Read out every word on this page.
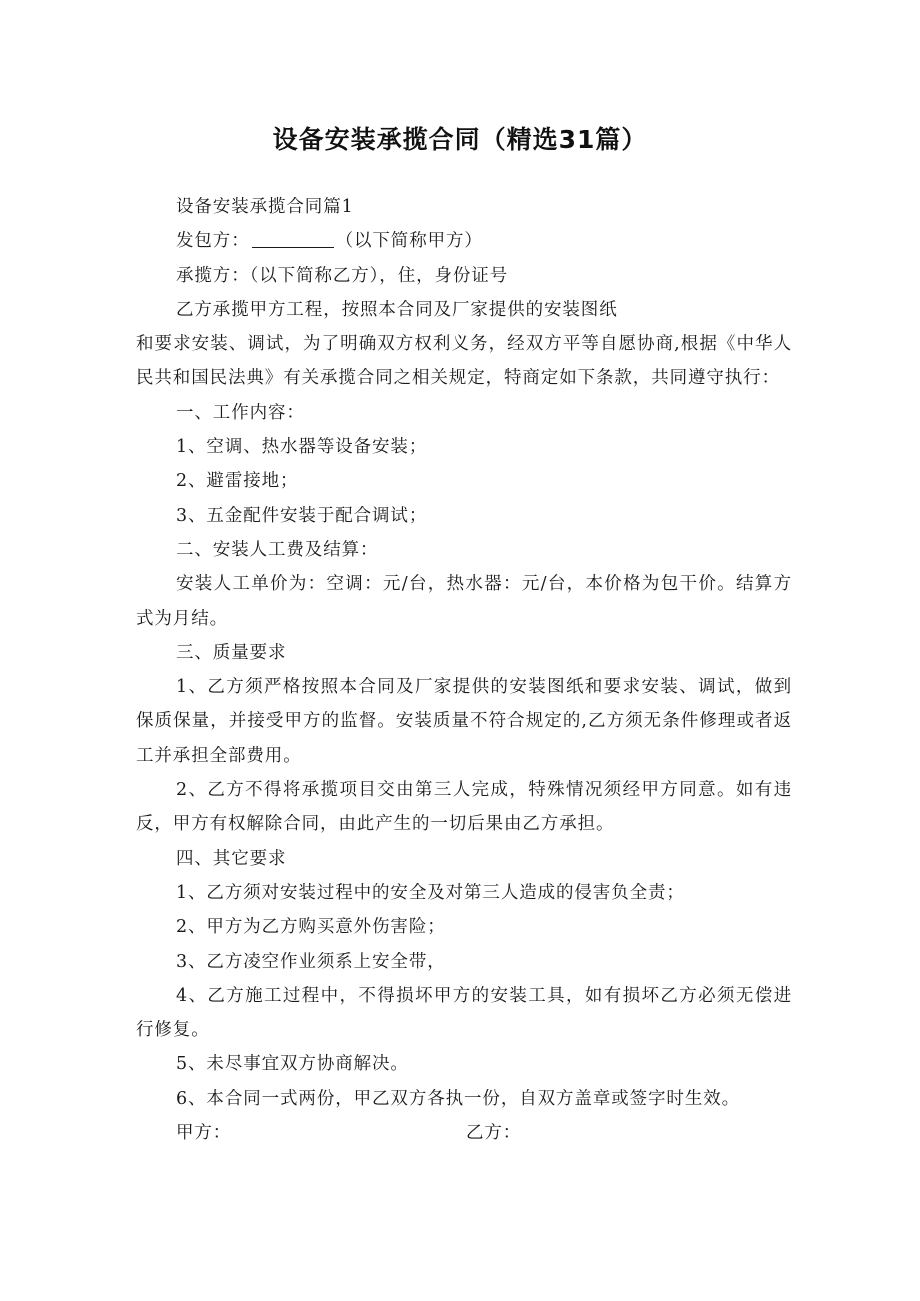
设备安装承揽合同（精选31篇）
设备安装承揽合同篇1
发包方：	（以下简称甲方）
承揽方：（以下简称乙方），住，身份证号
乙方承揽甲方工程，按照本合同及厂家提供的安装图纸
和要求安装、调试，为了明确双方权利义务，经双方平等自愿协商,根据《中华人
民共和国民法典》有关承揽合同之相关规定，特商定如下条款，共同遵守执行：
一、工作内容：
1、空调、热水器等设备安装；
2、避雷接地；
3、五金配件安装于配合调试；
二、安装人工费及结算：
安装人工单价为：空调：元/台，热水器：元/台，本价格为包干价。结算方
式为月结。
三、质量要求
1、乙方须严格按照本合同及厂家提供的安装图纸和要求安装、调试，做到
保质保量，并接受甲方的监督。安装质量不符合规定的,乙方须无条件修理或者返
工并承担全部费用。
2、乙方不得将承揽项目交由第三人完成，特殊情况须经甲方同意。如有违
反，甲方有权解除合同，由此产生的一切后果由乙方承担。
四、其它要求
1、乙方须对安装过程中的安全及对第三人造成的侵害负全责；
2、甲方为乙方购买意外伤害险；
3、乙方凌空作业须系上安全带，
4、乙方施工过程中，不得损坏甲方的安装工具，如有损坏乙方必须无偿进
行修复。
5、未尽事宜双方协商解决。
6、本合同一式两份，甲乙双方各执一份，自双方盖章或签字时生效。
甲方：	乙方：
